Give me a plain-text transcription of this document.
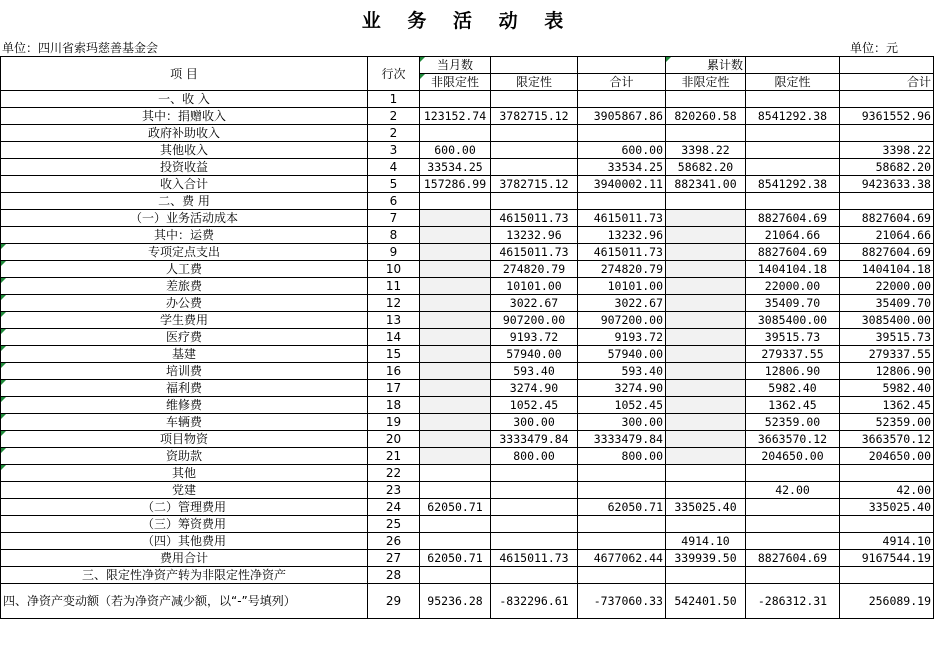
业 务 活 动 表
单位：四川省索玛慈善基金会	单位：元
项 目	行次	当月数			累计数		
		非限定性	限定性	合计	非限定性	限定性	合计
一、收 入	1						
其中：捐赠收入	2	123152.74	3782715.12	3905867.86	820260.58	8541292.38	9361552.96
政府补助收入	2						
其他收入	3	600.00		600.00	3398.22		3398.22
投资收益	4	33534.25		33534.25	58682.20		58682.20
收入合计	5	157286.99	3782715.12	3940002.11	882341.00	8541292.38	9423633.38
二、费 用	6						
（一）业务活动成本	7		4615011.73	4615011.73		8827604.69	8827604.69
其中：运费	8		13232.96	13232.96		21064.66	21064.66
专项定点支出	9		4615011.73	4615011.73		8827604.69	8827604.69
人工费	10		274820.79	274820.79		1404104.18	1404104.18
差旅费	11		10101.00	10101.00		22000.00	22000.00
办公费	12		3022.67	3022.67		35409.70	35409.70
学生费用	13		907200.00	907200.00		3085400.00	3085400.00
医疗费	14		9193.72	9193.72		39515.73	39515.73
基建	15		57940.00	57940.00		279337.55	279337.55
培训费	16		593.40	593.40		12806.90	12806.90
福利费	17		3274.90	3274.90		5982.40	5982.40
维修费	18		1052.45	1052.45		1362.45	1362.45
车辆费	19		300.00	300.00		52359.00	52359.00
项目物资	20		3333479.84	3333479.84		3663570.12	3663570.12
资助款	21		800.00	800.00		204650.00	204650.00
其他	22						
党建	23					42.00	42.00
（二）管理费用	24	62050.71		62050.71	335025.40		335025.40
（三）筹资费用	25						
（四）其他费用	26				4914.10		4914.10
费用合计	27	62050.71	4615011.73	4677062.44	339939.50	8827604.69	9167544.19
三、限定性净资产转为非限定性净资产	28						
四、净资产变动额（若为净资产减少额，以“-”号填列）	29	95236.28	-832296.61	-737060.33	542401.50	-286312.31	256089.19
